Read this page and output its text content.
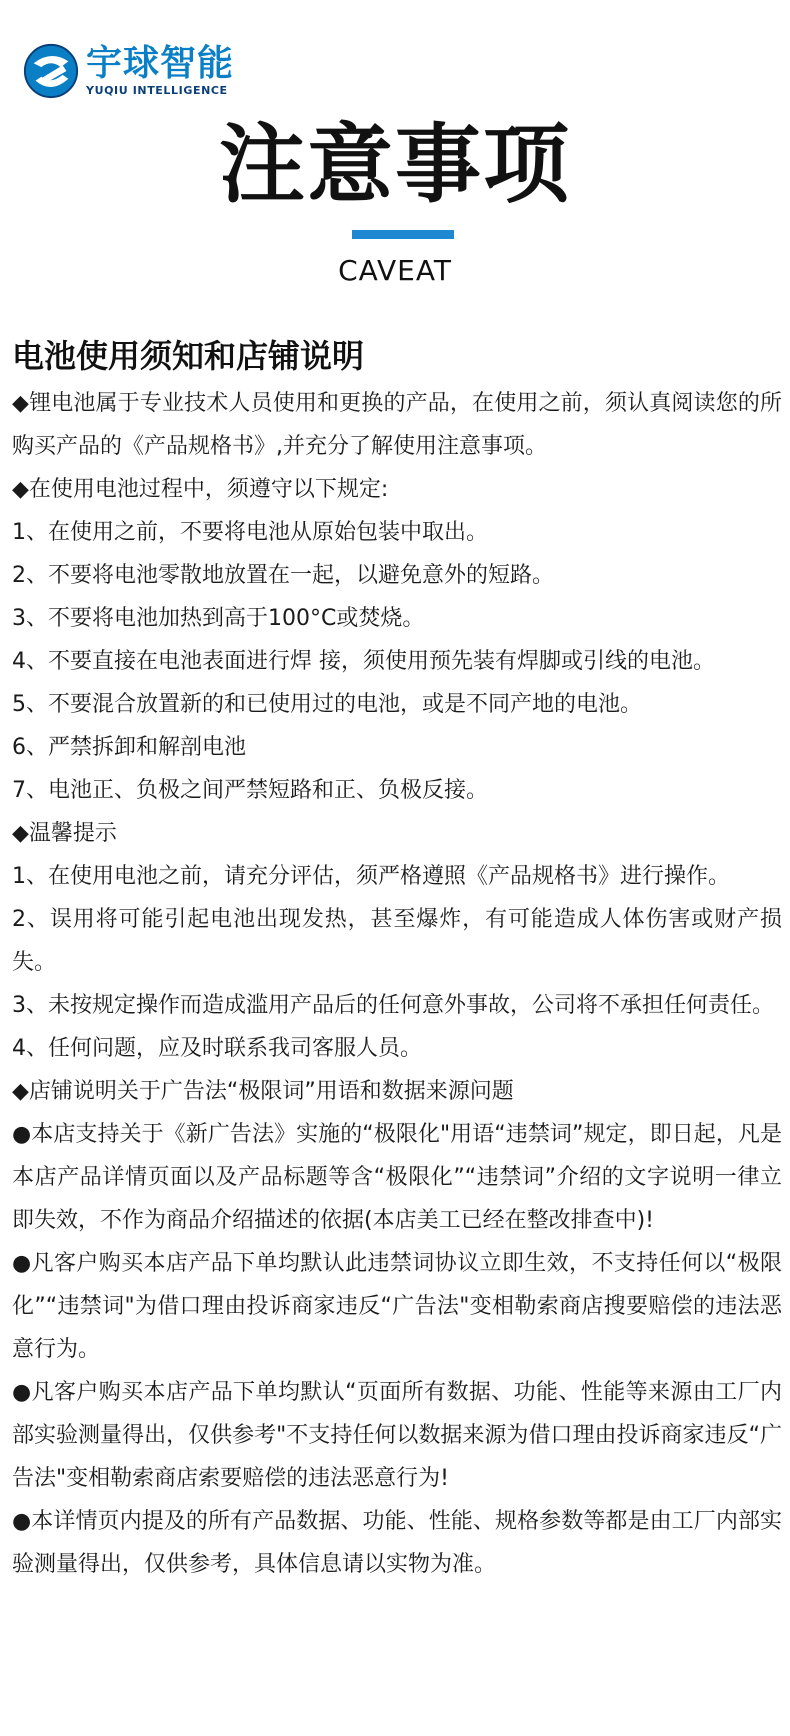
宇球智能
YUQIU INTELLIGENCE
注意事项
CAVEAT
电池使用须知和店铺说明

◆锂电池属于专业技术人员使用和更换的产品，在使用之前，须认真阅读您的所购买产品的《产品规格书》,并充分了解使用注意事项。

◆在使用电池过程中，须遵守以下规定:

1、在使用之前，不要将电池从原始包装中取出。

2、不要将电池零散地放置在一起，以避免意外的短路。

3、不要将电池加热到高于100°C或焚烧。

4、不要直接在电池表面进行焊 接，须使用预先装有焊脚或引线的电池。

5、不要混合放置新的和已使用过的电池，或是不同产地的电池。

6、严禁拆卸和解剖电池

7、电池正、负极之间严禁短路和正、负极反接。

◆温馨提示

1、在使用电池之前，请充分评估，须严格遵照《产品规格书》进行操作。

2、误用将可能引起电池出现发热，甚至爆炸，有可能造成人体伤害或财产损失。

3、未按规定操作而造成滥用产品后的任何意外事故，公司将不承担任何责任。

4、任何问题，应及时联系我司客服人员。

◆店铺说明关于广告法“极限词”用语和数据来源问题

●本店支持关于《新广告法》实施的“极限化"用语“违禁词”规定，即日起，凡是本店产品详情页面以及产品标题等含“极限化”“违禁词”介绍的文字说明一律立即失效，不作为商品介绍描述的依据(本店美工已经在整改排查中)!

●凡客户购买本店产品下单均默认此违禁词协议立即生效，不支持任何以“极限化”“违禁词"为借口理由投诉商家违反“广告法"变相勒索商店搜要赔偿的违法恶意行为。

●凡客户购买本店产品下单均默认“页面所有数据、功能、性能等来源由工厂内部实验测量得出，仅供参考"不支持任何以数据来源为借口理由投诉商家违反“广告法"变相勒索商店索要赔偿的违法恶意行为!

●本详情页内提及的所有产品数据、功能、性能、规格参数等都是由工厂内部实验测量得出，仅供参考，具体信息请以实物为准。
